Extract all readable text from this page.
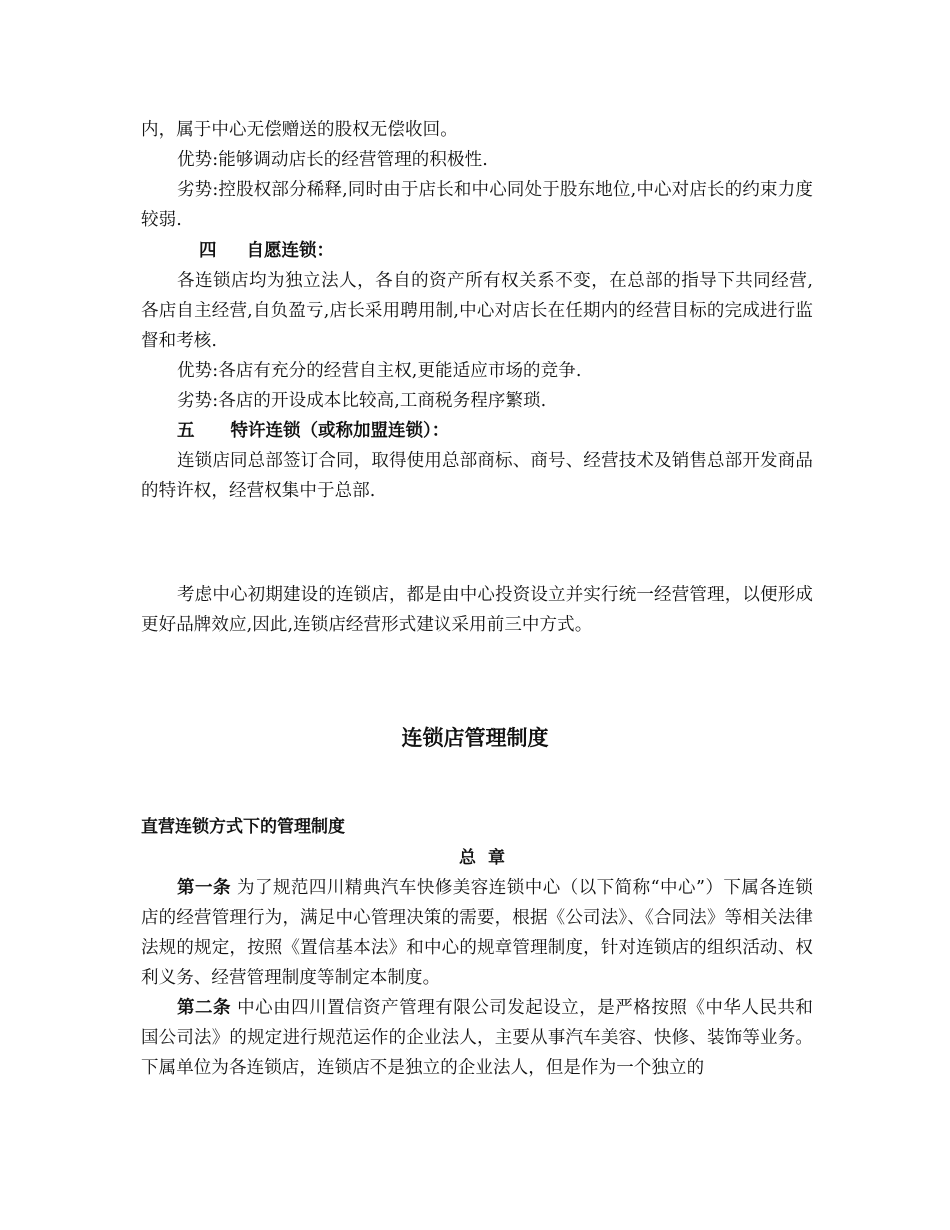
内，属于中心无偿赠送的股权无偿收回。

优势:能够调动店长的经营管理的积极性.

劣势:控股权部分稀释,同时由于店长和中心同处于股东地位,中心对店长的约束力度较弱.

四 自愿连锁：

各连锁店均为独立法人，各自的资产所有权关系不变，在总部的指导下共同经营,各店自主经营,自负盈亏,店长采用聘用制,中心对店长在任期内的经营目标的完成进行监督和考核.

优势:各店有充分的经营自主权,更能适应市场的竞争.

劣势:各店的开设成本比较高,工商税务程序繁琐.

五 特许连锁（或称加盟连锁）：

连锁店同总部签订合同，取得使用总部商标、商号、经营技术及销售总部开发商品的特许权，经营权集中于总部.

考虑中心初期建设的连锁店，都是由中心投资设立并实行统一经营管理，以便形成更好品牌效应,因此,连锁店经营形式建议采用前三中方式。

连锁店管理制度
直营连锁方式下的管理制度
总章

第一条 为了规范四川精典汽车快修美容连锁中心（以下简称“中心”）下属各连锁店的经营管理行为，满足中心管理决策的需要，根据《公司法》、《合同法》等相关法律法规的规定，按照《置信基本法》和中心的规章管理制度，针对连锁店的组织活动、权利义务、经营管理制度等制定本制度。

第二条 中心由四川置信资产管理有限公司发起设立，是严格按照《中华人民共和国公司法》的规定进行规范运作的企业法人，主要从事汽车美容、快修、装饰等业务。下属单位为各连锁店，连锁店不是独立的企业法人，但是作为一个独立的
